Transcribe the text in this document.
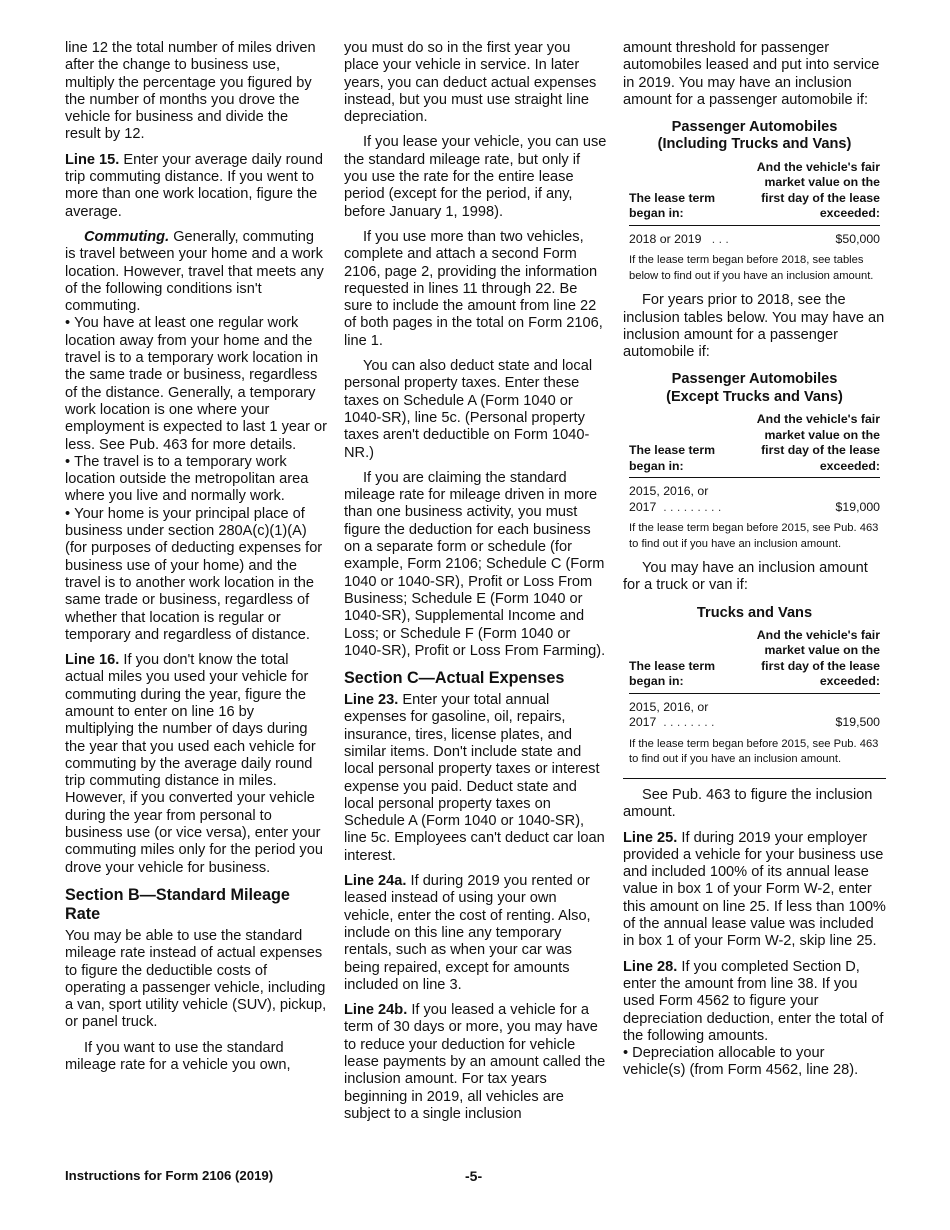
line 12 the total number of miles driven after the change to business use, multiply the percentage you figured by the number of months you drove the vehicle for business and divide the result by 12.

Line 15. Enter your average daily round trip commuting distance. If you went to more than one work location, figure the average.

Commuting. Generally, commuting is travel between your home and a work location. However, travel that meets any of the following conditions isn't commuting.

• You have at least one regular work location away from your home and the travel is to a temporary work location in the same trade or business, regardless of the distance. Generally, a temporary work location is one where your employment is expected to last 1 year or less. See Pub. 463 for more details.

• The travel is to a temporary work location outside the metropolitan area where you live and normally work.

• Your home is your principal place of business under section 280A(c)(1)(A) (for purposes of deducting expenses for business use of your home) and the travel is to another work location in the same trade or business, regardless of whether that location is regular or temporary and regardless of distance.

Line 16. If you don't know the total actual miles you used your vehicle for commuting during the year, figure the amount to enter on line 16 by multiplying the number of days during the year that you used each vehicle for commuting by the average daily round trip commuting distance in miles. However, if you converted your vehicle during the year from personal to business use (or vice versa), enter your commuting miles only for the period you drove your vehicle for business.

Section B—Standard Mileage Rate

You may be able to use the standard mileage rate instead of actual expenses to figure the deductible costs of operating a passenger vehicle, including a van, sport utility vehicle (SUV), pickup, or panel truck.

If you want to use the standard mileage rate for a vehicle you own,

you must do so in the first year you place your vehicle in service. In later years, you can deduct actual expenses instead, but you must use straight line depreciation.

If you lease your vehicle, you can use the standard mileage rate, but only if you use the rate for the entire lease period (except for the period, if any, before January 1, 1998).

If you use more than two vehicles, complete and attach a second Form 2106, page 2, providing the information requested in lines 11 through 22. Be sure to include the amount from line 22 of both pages in the total on Form 2106, line 1.

You can also deduct state and local personal property taxes. Enter these taxes on Schedule A (Form 1040 or 1040-SR), line 5c. (Personal property taxes aren't deductible on Form 1040-NR.)

If you are claiming the standard mileage rate for mileage driven in more than one business activity, you must figure the deduction for each business on a separate form or schedule (for example, Form 2106; Schedule C (Form 1040 or 1040-SR), Profit or Loss From Business; Schedule E (Form 1040 or 1040-SR), Supplemental Income and Loss; or Schedule F (Form 1040 or 1040-SR), Profit or Loss From Farming).

Section C—Actual Expenses

Line 23. Enter your total annual expenses for gasoline, oil, repairs, insurance, tires, license plates, and similar items. Don't include state and local personal property taxes or interest expense you paid. Deduct state and local personal property taxes on Schedule A (Form 1040 or 1040-SR), line 5c. Employees can't deduct car loan interest.

Line 24a. If during 2019 you rented or leased instead of using your own vehicle, enter the cost of renting. Also, include on this line any temporary rentals, such as when your car was being repaired, except for amounts included on line 3.

Line 24b. If you leased a vehicle for a term of 30 days or more, you may have to reduce your deduction for vehicle lease payments by an amount called the inclusion amount. For tax years beginning in 2019, all vehicles are subject to a single inclusion

amount threshold for passenger automobiles leased and put into service in 2019. You may have an inclusion amount for a passenger automobile if:

Passenger Automobiles
(Including Trucks and Vans)
The lease term began in:
And the vehicle's fair market value on the first day of the lease exceeded:
2018 or 2019 . . .	$50,000
If the lease term began before 2018, see tables below to find out if you have an inclusion amount.

For years prior to 2018, see the inclusion tables below. You may have an inclusion amount for a passenger automobile if:

Passenger Automobiles
(Except Trucks and Vans)
The lease term began in:
And the vehicle's fair market value on the first day of the lease exceeded:
2015, 2016, or
2017 . . . . . . . . .	$19,000
If the lease term began before 2015, see Pub. 463 to find out if you have an inclusion amount.

You may have an inclusion amount for a truck or van if:

Trucks and Vans
The lease term began in:
And the vehicle's fair market value on the first day of the lease exceeded:
2015, 2016, or
2017 . . . . . . . .	$19,500
If the lease term began before 2015, see Pub. 463 to find out if you have an inclusion amount.

See Pub. 463 to figure the inclusion amount.

Line 25. If during 2019 your employer provided a vehicle for your business use and included 100% of its annual lease value in box 1 of your Form W-2, enter this amount on line 25. If less than 100% of the annual lease value was included in box 1 of your Form W-2, skip line 25.

Line 28. If you completed Section D, enter the amount from line 38. If you used Form 4562 to figure your depreciation deduction, enter the total of the following amounts.

• Depreciation allocable to your vehicle(s) (from Form 4562, line 28).

Instructions for Form 2106 (2019)	-5-
